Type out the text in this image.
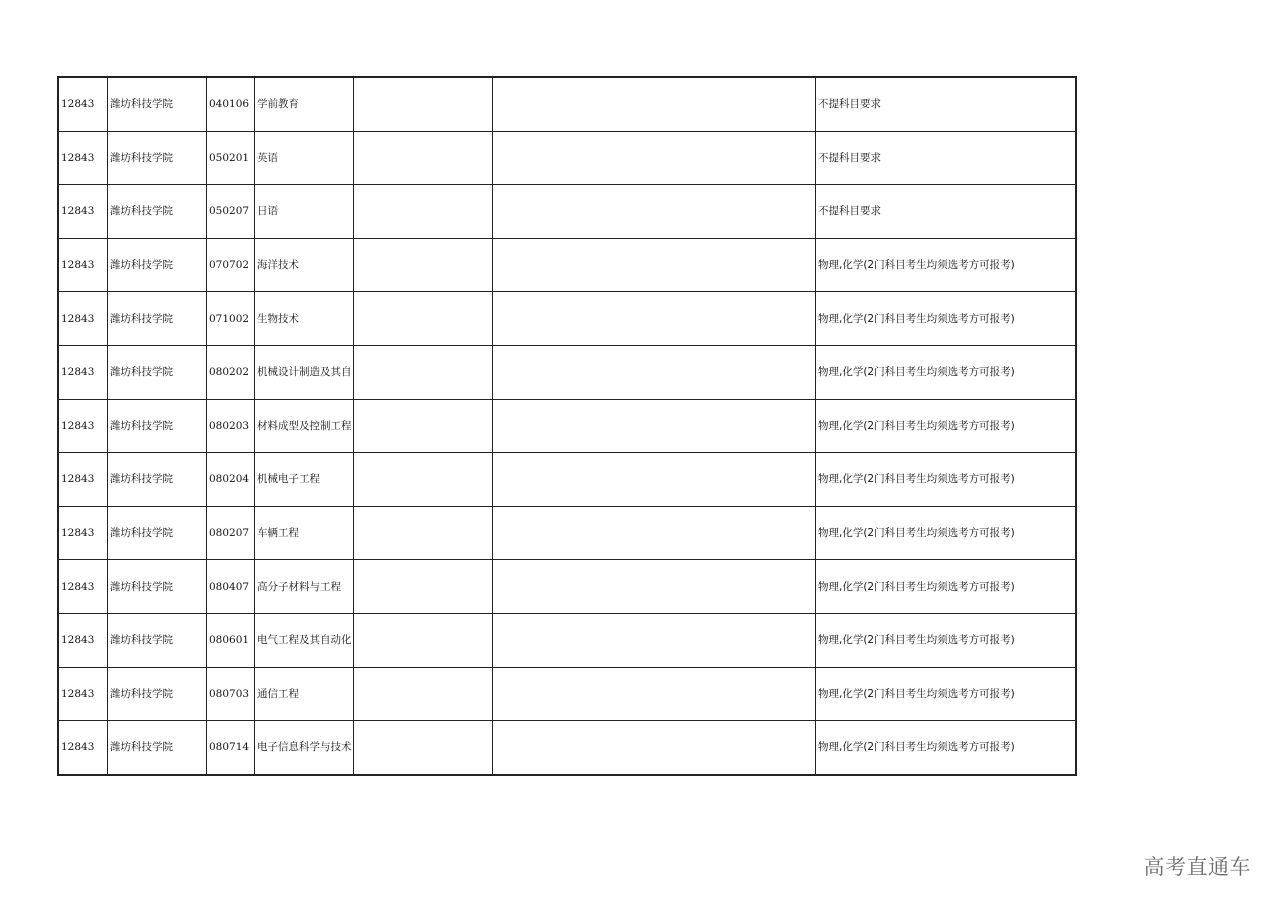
12843	潍坊科技学院	040106	学前教育			不提科目要求
12843	潍坊科技学院	050201	英语			不提科目要求
12843	潍坊科技学院	050207	日语			不提科目要求
12843	潍坊科技学院	070702	海洋技术			物理,化学(2门科目考生均须选考方可报考)
12843	潍坊科技学院	071002	生物技术			物理,化学(2门科目考生均须选考方可报考)
12843	潍坊科技学院	080202	机械设计制造及其自			物理,化学(2门科目考生均须选考方可报考)
12843	潍坊科技学院	080203	材料成型及控制工程			物理,化学(2门科目考生均须选考方可报考)
12843	潍坊科技学院	080204	机械电子工程			物理,化学(2门科目考生均须选考方可报考)
12843	潍坊科技学院	080207	车辆工程			物理,化学(2门科目考生均须选考方可报考)
12843	潍坊科技学院	080407	高分子材料与工程			物理,化学(2门科目考生均须选考方可报考)
12843	潍坊科技学院	080601	电气工程及其自动化			物理,化学(2门科目考生均须选考方可报考)
12843	潍坊科技学院	080703	通信工程			物理,化学(2门科目考生均须选考方可报考)
12843	潍坊科技学院	080714	电子信息科学与技术			物理,化学(2门科目考生均须选考方可报考)
高考直通车
